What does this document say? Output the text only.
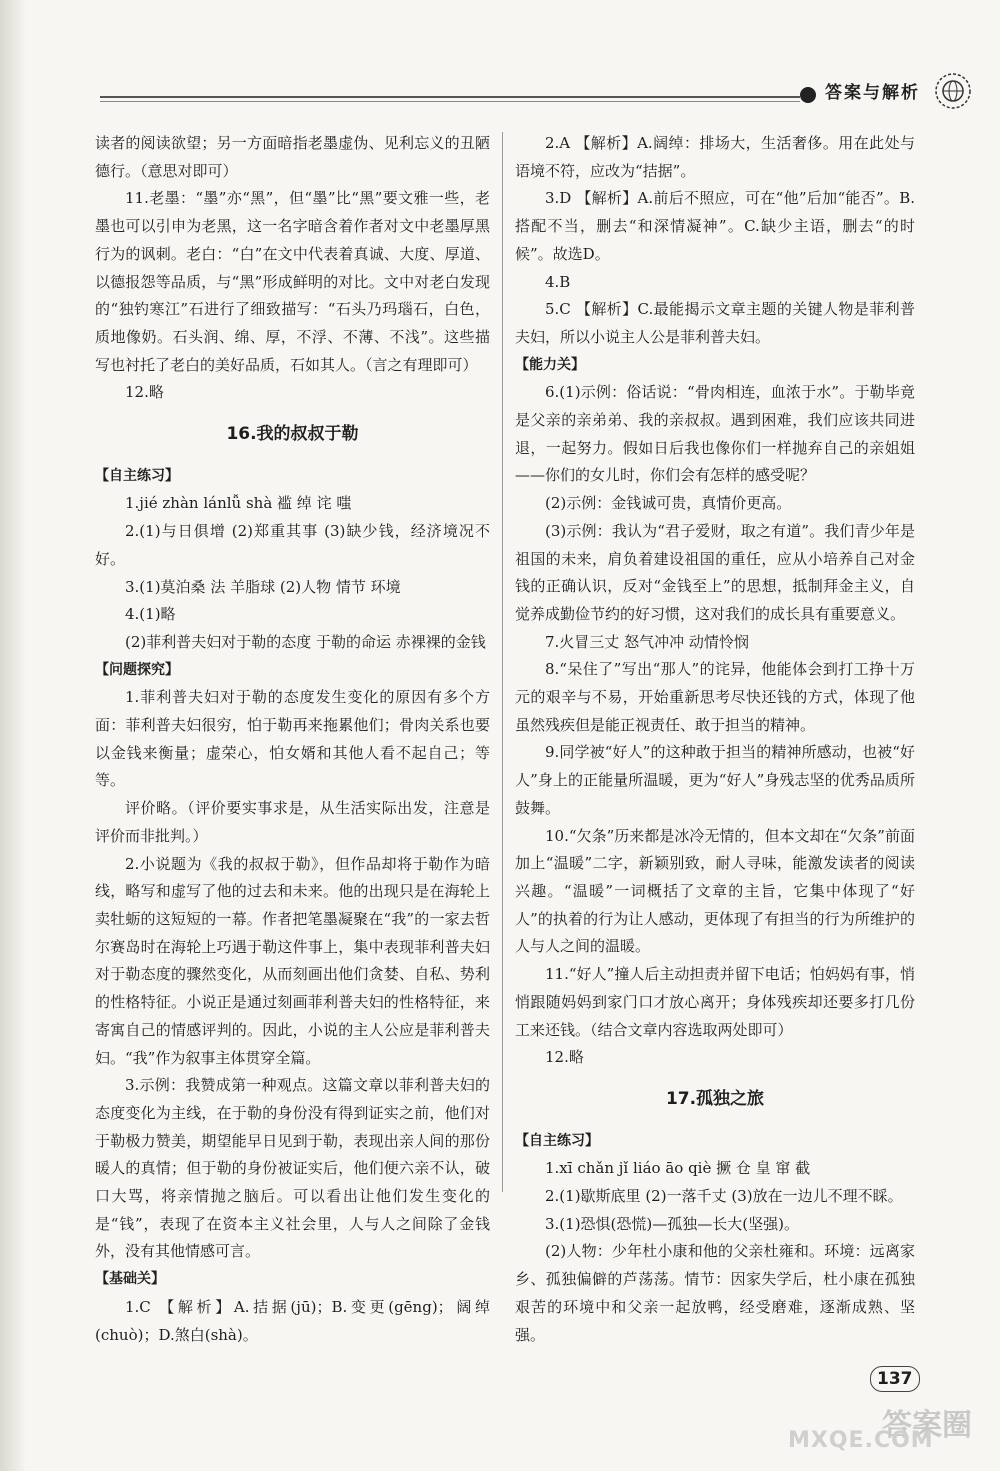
答案与解析

读者的阅读欲望；另一方面暗指老墨虚伪、见利忘义的丑陋德行。（意思对即可）

11.老墨：“墨”亦“黑”，但“墨”比“黑”要文雅一些，老墨也可以引申为老黑，这一名字暗含着作者对文中老墨厚黑行为的讽刺。老白：“白”在文中代表着真诚、大度、厚道、以德报怨等品质，与“黑”形成鲜明的对比。文中对老白发现的“独钓寒江”石进行了细致描写：“石头乃玛瑙石，白色，质地像奶。石头润、绵、厚，不浮、不薄、不浅”。这些描写也衬托了老白的美好品质，石如其人。（言之有理即可）

12.略

16.我的叔叔于勒

【自主练习】

1.jié zhàn lánlǚ shà 褴 绰 诧 嗤

2.(1)与日俱增 (2)郑重其事 (3)缺少钱，经济境况不好。

3.(1)莫泊桑 法 羊脂球 (2)人物 情节 环境

4.(1)略

(2)菲利普夫妇对于勒的态度 于勒的命运 赤裸裸的金钱

【问题探究】

1.菲利普夫妇对于勒的态度发生变化的原因有多个方面：菲利普夫妇很穷，怕于勒再来拖累他们；骨肉关系也要以金钱来衡量；虚荣心，怕女婿和其他人看不起自己；等等。

评价略。（评价要实事求是，从生活实际出发，注意是评价而非批判。）

2.小说题为《我的叔叔于勒》，但作品却将于勒作为暗线，略写和虚写了他的过去和未来。他的出现只是在海轮上卖牡蛎的这短短的一幕。作者把笔墨凝聚在“我”的一家去哲尔赛岛时在海轮上巧遇于勒这件事上，集中表现菲利普夫妇对于勒态度的骤然变化，从而刻画出他们贪婪、自私、势利的性格特征。小说正是通过刻画菲利普夫妇的性格特征，来寄寓自己的情感评判的。因此，小说的主人公应是菲利普夫妇。“我”作为叙事主体贯穿全篇。

3.示例：我赞成第一种观点。这篇文章以菲利普夫妇的态度变化为主线，在于勒的身份没有得到证实之前，他们对于勒极力赞美，期望能早日见到于勒，表现出亲人间的那份暖人的真情；但于勒的身份被证实后，他们便六亲不认，破口大骂，将亲情抛之脑后。可以看出让他们发生变化的是“钱”，表现了在资本主义社会里，人与人之间除了金钱外，没有其他情感可言。

【基础关】

1.C 【解析】A.拮据(jū)；B.变更(gēng)；阔绰(chuò)；D.煞白(shà)。

2.A 【解析】A.阔绰：排场大，生活奢侈。用在此处与语境不符，应改为“拮据”。

3.D 【解析】A.前后不照应，可在“他”后加“能否”。B.搭配不当，删去“和深情凝神”。C.缺少主语，删去“的时候”。故选D。

4.B

5.C 【解析】C.最能揭示文章主题的关键人物是菲利普夫妇，所以小说主人公是菲利普夫妇。

【能力关】

6.(1)示例：俗话说：“骨肉相连，血浓于水”。于勒毕竟是父亲的亲弟弟、我的亲叔叔。遇到困难，我们应该共同进退，一起努力。假如日后我也像你们一样抛弃自己的亲姐姐——你们的女儿时，你们会有怎样的感受呢？

(2)示例：金钱诚可贵，真情价更高。

(3)示例：我认为“君子爱财，取之有道”。我们青少年是祖国的未来，肩负着建设祖国的重任，应从小培养自己对金钱的正确认识，反对“金钱至上”的思想，抵制拜金主义，自觉养成勤俭节约的好习惯，这对我们的成长具有重要意义。

7.火冒三丈 怒气冲冲 动情怜悯

8.“呆住了”写出“那人”的诧异，他能体会到打工挣十万元的艰辛与不易，开始重新思考尽快还钱的方式，体现了他虽然残疾但是能正视责任、敢于担当的精神。

9.同学被“好人”的这种敢于担当的精神所感动，也被“好人”身上的正能量所温暖，更为“好人”身残志坚的优秀品质所鼓舞。

10.“欠条”历来都是冰冷无情的，但本文却在“欠条”前面加上“温暖”二字，新颖别致，耐人寻味，能激发读者的阅读兴趣。“温暖”一词概括了文章的主旨，它集中体现了“好人”的执着的行为让人感动，更体现了有担当的行为所维护的人与人之间的温暖。

11.“好人”撞人后主动担责并留下电话；怕妈妈有事，悄悄跟随妈妈到家门口才放心离开；身体残疾却还要多打几份工来还钱。（结合文章内容选取两处即可）

12.略

17.孤独之旅

【自主练习】

1.xī chǎn jǐ liáo āo qiè 撅 仓 皇 窜 截

2.(1)歇斯底里 (2)一落千丈 (3)放在一边儿不理不睬。

3.(1)恐惧(恐慌)—孤独—长大(坚强)。

(2)人物：少年杜小康和他的父亲杜雍和。环境：远离家乡、孤独偏僻的芦荡荡。情节：因家失学后，杜小康在孤独艰苦的环境中和父亲一起放鸭，经受磨难，逐渐成熟、坚强。

137
答案圈
MXQE.COM
